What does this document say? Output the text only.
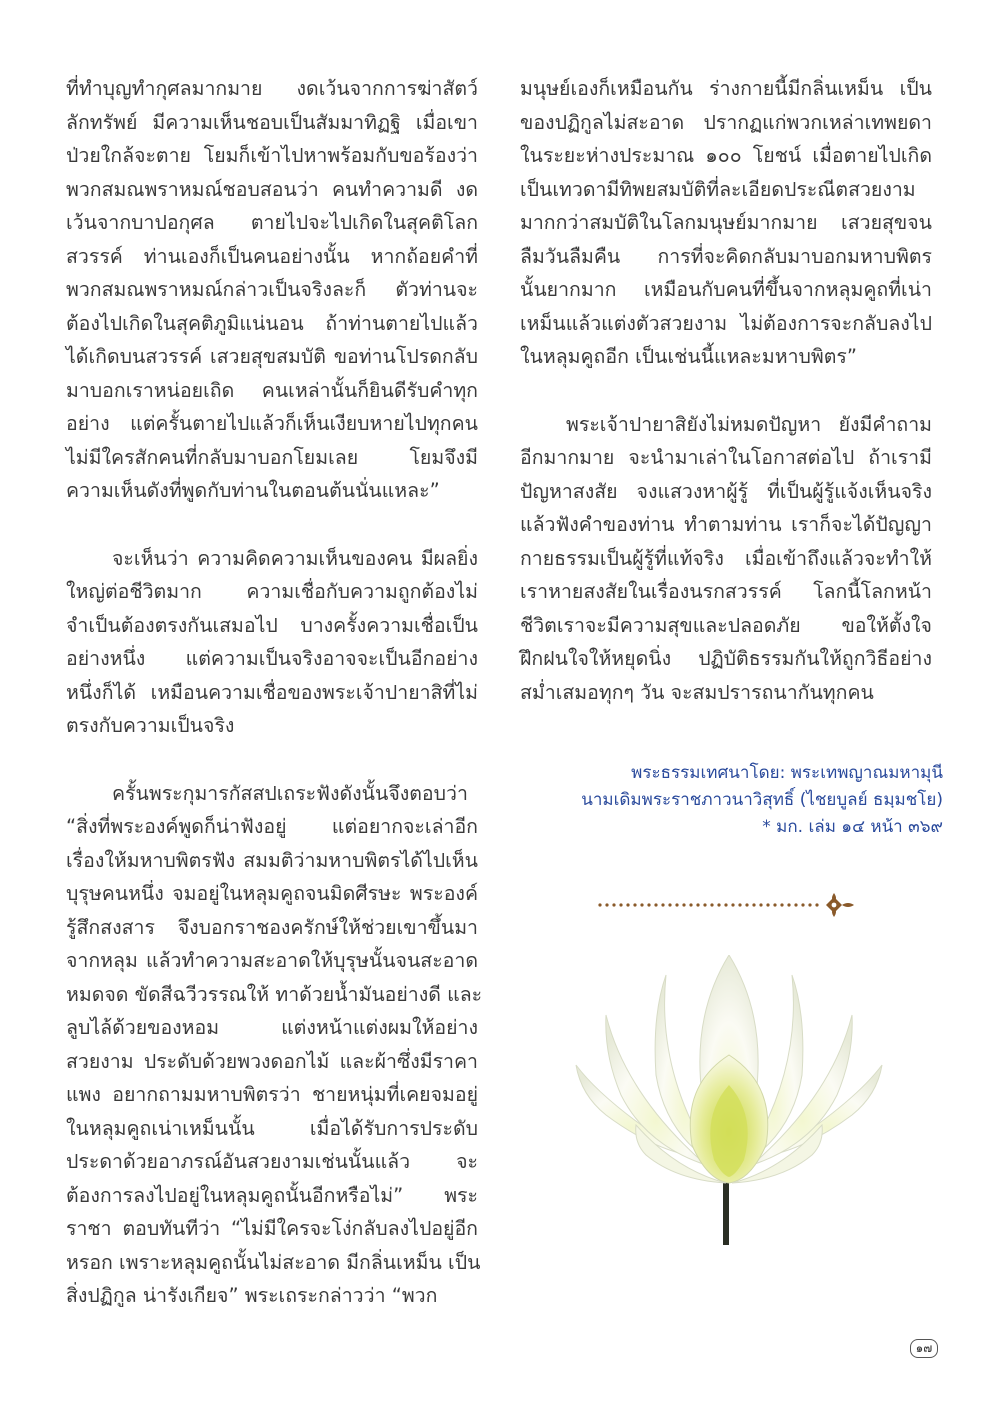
ที่ทำบุญทำกุศลมากมาย งดเว้นจากการฆ่าสัตว์
ลักทรัพย์ มีความเห็นชอบเป็นสัมมาทิฏฐิ เมื่อเขา
ป่วยใกล้จะตาย โยมก็เข้าไปหาพร้อมกับขอร้องว่า
พวกสมณพราหมณ์ชอบสอนว่า คนทำความดี งด
เว้นจากบาปอกุศล ตายไปจะไปเกิดในสุคติโลก
สวรรค์ ท่านเองก็เป็นคนอย่างนั้น หากถ้อยคำที่
พวกสมณพราหมณ์กล่าวเป็นจริงละก็ ตัวท่านจะ
ต้องไปเกิดในสุคติภูมิแน่นอน ถ้าท่านตายไปแล้ว
ได้เกิดบนสวรรค์ เสวยสุขสมบัติ ขอท่านโปรดกลับ
มาบอกเราหน่อยเถิด คนเหล่านั้นก็ยินดีรับคำทุก
อย่าง แต่ครั้นตายไปแล้วก็เห็นเงียบหายไปทุกคน
ไม่มีใครสักคนที่กลับมาบอกโยมเลย โยมจึงมี
ความเห็นดังที่พูดกับท่านในตอนต้นนั่นแหละ”
จะเห็นว่า ความคิดความเห็นของคน มีผลยิ่ง
ใหญ่ต่อชีวิตมาก ความเชื่อกับความถูกต้องไม่
จำเป็นต้องตรงกันเสมอไป บางครั้งความเชื่อเป็น
อย่างหนึ่ง แต่ความเป็นจริงอาจจะเป็นอีกอย่าง
หนึ่งก็ได้ เหมือนความเชื่อของพระเจ้าปายาสิที่ไม่
ตรงกับความเป็นจริง
ครั้นพระกุมารกัสสปเถระฟังดังนั้นจึงตอบว่า
“สิ่งที่พระองค์พูดก็น่าฟังอยู่ แต่อยากจะเล่าอีก
เรื่องให้มหาบพิตรฟัง สมมติว่ามหาบพิตรได้ไปเห็น
บุรุษคนหนึ่ง จมอยู่ในหลุมคูถจนมิดศีรษะ พระองค์
รู้สึกสงสาร จึงบอกราชองครักษ์ให้ช่วยเขาขึ้นมา
จากหลุม แล้วทำความสะอาดให้บุรุษนั้นจนสะอาด
หมดจด ขัดสีฉวีวรรณให้ ทาด้วยน้ำมันอย่างดี และ
ลูบไล้ด้วยของหอม แต่งหน้าแต่งผมให้อย่าง
สวยงาม ประดับด้วยพวงดอกไม้ และผ้าซึ่งมีราคา
แพง อยากถามมหาบพิตรว่า ชายหนุ่มที่เคยจมอยู่
ในหลุมคูถเน่าเหม็นนั้น เมื่อได้รับการประดับ
ประดาด้วยอาภรณ์อันสวยงามเช่นนั้นแล้ว จะ
ต้องการลงไปอยู่ในหลุมคูถนั้นอีกหรือไม่” พระ
ราชา ตอบทันทีว่า “ไม่มีใครจะโง่กลับลงไปอยู่อีก
หรอก เพราะหลุมคูถนั้นไม่สะอาด มีกลิ่นเหม็น เป็น
สิ่งปฏิกูล น่ารังเกียจ” พระเถระกล่าวว่า “พวก
มนุษย์เองก็เหมือนกัน ร่างกายนี้มีกลิ่นเหม็น เป็น
ของปฏิกูลไม่สะอาด ปรากฏแก่พวกเหล่าเทพยดา
ในระยะห่างประมาณ ๑๐๐ โยชน์ เมื่อตายไปเกิด
เป็นเทวดามีทิพยสมบัติที่ละเอียดประณีตสวยงาม
มากกว่าสมบัติในโลกมนุษย์มากมาย เสวยสุขจน
ลืมวันลืมคืน การที่จะคิดกลับมาบอกมหาบพิตร
นั้นยากมาก เหมือนกับคนที่ขึ้นจากหลุมคูถที่เน่า
เหม็นแล้วแต่งตัวสวยงาม ไม่ต้องการจะกลับลงไป
ในหลุมคูถอีก เป็นเช่นนี้แหละมหาบพิตร”
พระเจ้าปายาสิยังไม่หมดปัญหา ยังมีคำถาม
อีกมากมาย จะนำมาเล่าในโอกาสต่อไป ถ้าเรามี
ปัญหาสงสัย จงแสวงหาผู้รู้ ที่เป็นผู้รู้แจ้งเห็นจริง
แล้วฟังคำของท่าน ทำตามท่าน เราก็จะได้ปัญญา
กายธรรมเป็นผู้รู้ที่แท้จริง เมื่อเข้าถึงแล้วจะทำให้
เราหายสงสัยในเรื่องนรกสวรรค์ โลกนี้โลกหน้า
ชีวิตเราจะมีความสุขและปลอดภัย ขอให้ตั้งใจ
ฝึกฝนใจให้หยุดนิ่ง ปฏิบัติธรรมกันให้ถูกวิธีอย่าง
สม่ำเสมอทุกๆ วัน จะสมปรารถนากันทุกคน
พระธรรมเทศนาโดย: พระเทพญาณมหามุนี
นามเดิมพระราชภาวนาวิสุทธิ์ (ไชยบูลย์ ธมฺมชโย)
* มก. เล่ม ๑๔ หน้า ๓๖๙
๑๗
